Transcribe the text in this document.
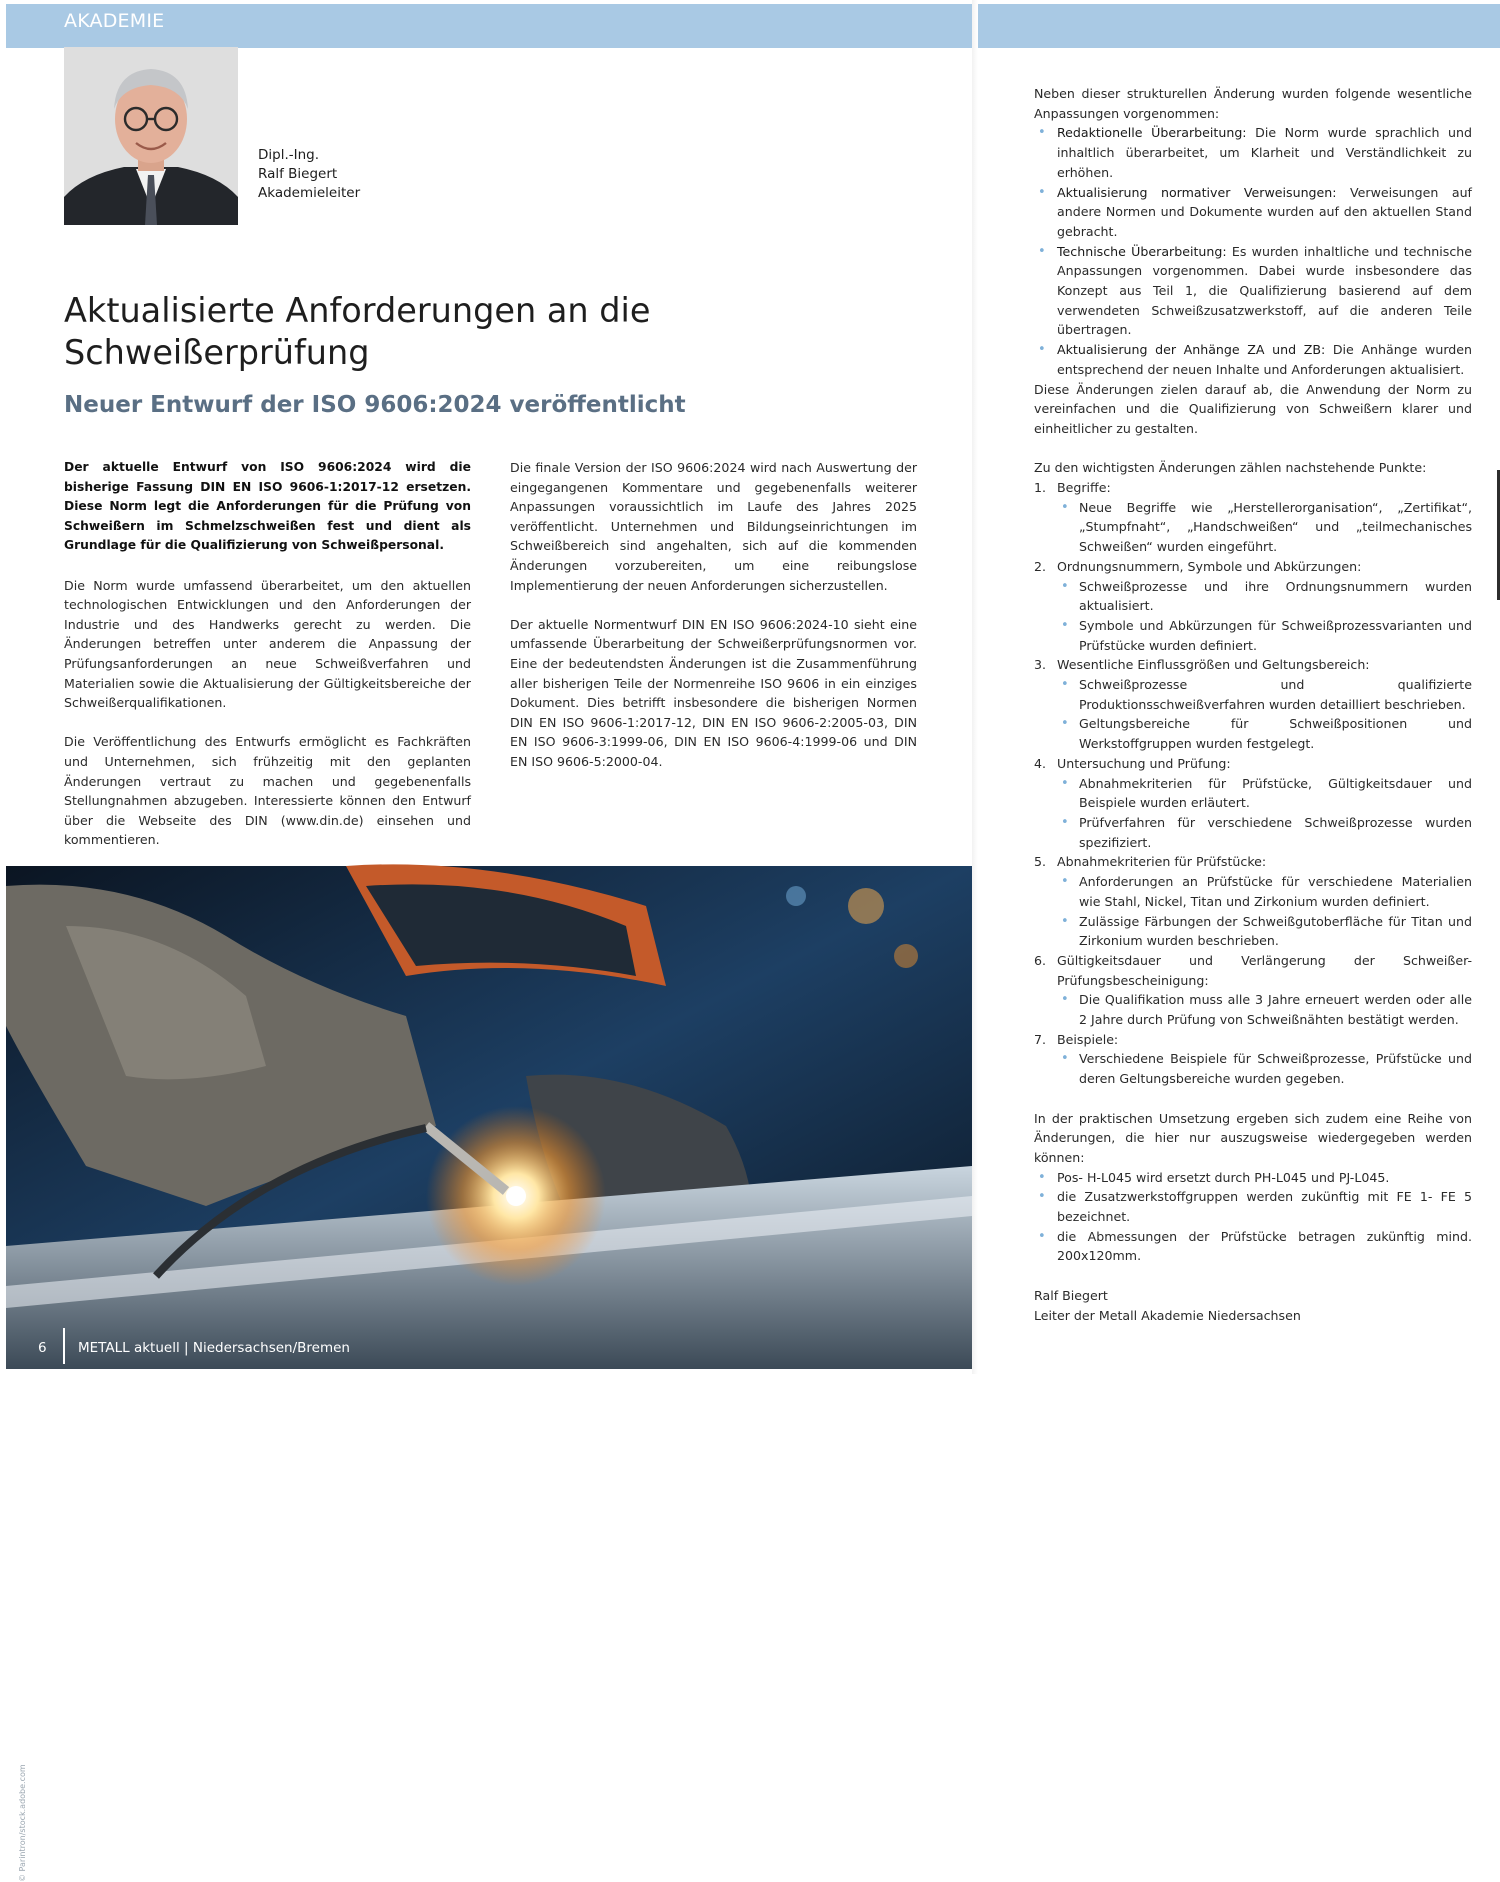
AKADEMIE
Dipl.-Ing.
Ralf Biegert
Akademieleiter
Aktualisierte Anforderungen an die
Schweißerprüfung
Neuer Entwurf der ISO 9606:2024 veröffentlicht

Der aktuelle Entwurf von ISO 9606:2024 wird die bisherige Fassung DIN EN ISO 9606-1:2017-12 ersetzen. Diese Norm legt die Anforderungen für die Prüfung von Schweißern im Schmelzschweißen fest und dient als Grundlage für die Qualifizierung von Schweißpersonal.

Die Norm wurde umfassend überarbeitet, um den aktuellen technologischen Entwicklungen und den Anforderungen der Industrie und des Handwerks gerecht zu werden. Die Änderungen betreffen unter anderem die Anpassung der Prüfungsanforderungen an neue Schweißverfahren und Materialien sowie die Aktualisierung der Gültigkeitsbereiche der Schweißerqualifikationen.

Die Veröffentlichung des Entwurfs ermöglicht es Fachkräften und Unternehmen, sich frühzeitig mit den geplanten Änderungen vertraut zu machen und gegebenenfalls Stellungnahmen abzugeben. Interessierte können den Entwurf über die Webseite des DIN (www.din.de) einsehen und kommentieren.

Die finale Version der ISO 9606:2024 wird nach Auswertung der eingegangenen Kommentare und gegebenenfalls weiterer Anpassungen voraussichtlich im Laufe des Jahres 2025 veröffentlicht. Unternehmen und Bildungseinrichtungen im Schweißbereich sind angehalten, sich auf die kommenden Änderungen vorzubereiten, um eine reibungslose Implementierung der neuen Anforderungen sicherzustellen.

Der aktuelle Normentwurf DIN EN ISO 9606:2024-10 sieht eine umfassende Überarbeitung der Schweißerprüfungsnormen vor. Eine der bedeutendsten Änderungen ist die Zusammenführung aller bisherigen Teile der Normenreihe ISO 9606 in ein einziges Dokument. Dies betrifft insbesondere die bisherigen Normen DIN EN ISO 9606-1:2017-12, DIN EN ISO 9606-2:2005-03, DIN EN ISO 9606-3:1999-06, DIN EN ISO 9606-4:1999-06 und DIN EN ISO 9606-5:2000-04.

© Parintron/stock.adobe.com
6 METALL aktuell | Niedersachsen/Bremen

Neben dieser strukturellen Änderung wurden folgende wesentliche Anpassungen vorgenommen:

• Redaktionelle Überarbeitung: Die Norm wurde sprachlich und inhaltlich überarbeitet, um Klarheit und Verständlichkeit zu erhöhen.
• Aktualisierung normativer Verweisungen: Verweisungen auf andere Normen und Dokumente wurden auf den aktuellen Stand gebracht.
• Technische Überarbeitung: Es wurden inhaltliche und technische Anpassungen vorgenommen. Dabei wurde insbesondere das Konzept aus Teil 1, die Qualifizierung basierend auf dem verwendeten Schweißzusatzwerkstoff, auf die anderen Teile übertragen.
• Aktualisierung der Anhänge ZA und ZB: Die Anhänge wurden entsprechend der neuen Inhalte und Anforderungen aktualisiert.

Diese Änderungen zielen darauf ab, die Anwendung der Norm zu vereinfachen und die Qualifizierung von Schweißern klarer und einheitlicher zu gestalten.

Zu den wichtigsten Änderungen zählen nachstehende Punkte:

1. Begriffe:
• Neue Begriffe wie „Herstellerorganisation“, „Zertifikat“, „Stumpfnaht“, „Handschweißen“ und „teilmechanisches Schweißen“ wurden eingeführt.
2. Ordnungsnummern, Symbole und Abkürzungen:
• Schweißprozesse und ihre Ordnungsnummern wurden aktualisiert.
• Symbole und Abkürzungen für Schweißprozessvarianten und Prüfstücke wurden definiert.
3. Wesentliche Einflussgrößen und Geltungsbereich:
• Schweißprozesse und qualifizierte Produktionsschweißverfahren wurden detailliert beschrieben.
• Geltungsbereiche für Schweißpositionen und Werkstoffgruppen wurden festgelegt.
4. Untersuchung und Prüfung:
• Abnahmekriterien für Prüfstücke, Gültigkeitsdauer und Beispiele wurden erläutert.
• Prüfverfahren für verschiedene Schweißprozesse wurden spezifiziert.
5. Abnahmekriterien für Prüfstücke:
• Anforderungen an Prüfstücke für verschiedene Materialien wie Stahl, Nickel, Titan und Zirkonium wurden definiert.
• Zulässige Färbungen der Schweißgutoberfläche für Titan und Zirkonium wurden beschrieben.
6. Gültigkeitsdauer und Verlängerung der Schweißer-Prüfungsbescheinigung:
• Die Qualifikation muss alle 3 Jahre erneuert werden oder alle 2 Jahre durch Prüfung von Schweißnähten bestätigt werden.
7. Beispiele:
• Verschiedene Beispiele für Schweißprozesse, Prüfstücke und deren Geltungsbereiche wurden gegeben.

In der praktischen Umsetzung ergeben sich zudem eine Reihe von Änderungen, die hier nur auszugsweise wiedergegeben werden können:

• Pos- H-L045 wird ersetzt durch PH-L045 und PJ-L045.
• die Zusatzwerkstoffgruppen werden zukünftig mit FE 1- FE 5 bezeichnet.
• die Abmessungen der Prüfstücke betragen zukünftig mind. 200x120mm.

Ralf Biegert

Leiter der Metall Akademie Niedersachsen
